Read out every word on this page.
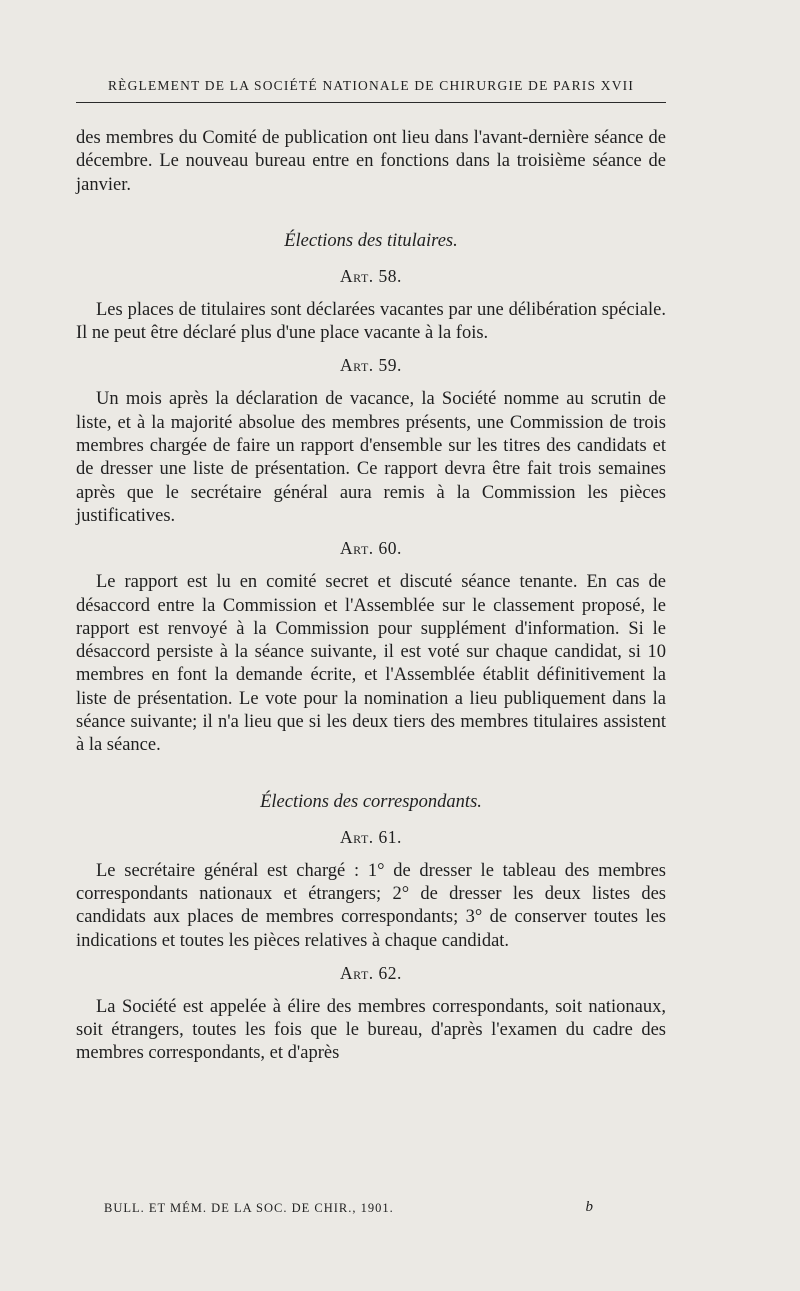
RÈGLEMENT DE LA SOCIÉTÉ NATIONALE DE CHIRURGIE DE PARIS XVII

des membres du Comité de publication ont lieu dans l'avant-dernière séance de décembre. Le nouveau bureau entre en fonctions dans la troisième séance de janvier.

Élections des titulaires.
Art. 58.

Les places de titulaires sont déclarées vacantes par une délibération spéciale. Il ne peut être déclaré plus d'une place vacante à la fois.

Art. 59.

Un mois après la déclaration de vacance, la Société nomme au scrutin de liste, et à la majorité absolue des membres présents, une Commission de trois membres chargée de faire un rapport d'ensemble sur les titres des candidats et de dresser une liste de présentation. Ce rapport devra être fait trois semaines après que le secrétaire général aura remis à la Commission les pièces justificatives.

Art. 60.

Le rapport est lu en comité secret et discuté séance tenante. En cas de désaccord entre la Commission et l'Assemblée sur le classement proposé, le rapport est renvoyé à la Commission pour supplément d'information. Si le désaccord persiste à la séance suivante, il est voté sur chaque candidat, si 10 membres en font la demande écrite, et l'Assemblée établit définitivement la liste de présentation. Le vote pour la nomination a lieu publiquement dans la séance suivante; il n'a lieu que si les deux tiers des membres titulaires assistent à la séance.

Élections des correspondants.
Art. 61.

Le secrétaire général est chargé : 1° de dresser le tableau des membres correspondants nationaux et étrangers; 2° de dresser les deux listes des candidats aux places de membres correspondants; 3° de conserver toutes les indications et toutes les pièces relatives à chaque candidat.

Art. 62.

La Société est appelée à élire des membres correspondants, soit nationaux, soit étrangers, toutes les fois que le bureau, d'après l'examen du cadre des membres correspondants, et d'après

BULL. ET MÉM. DE LA SOC. DE CHIR., 1901.	b
